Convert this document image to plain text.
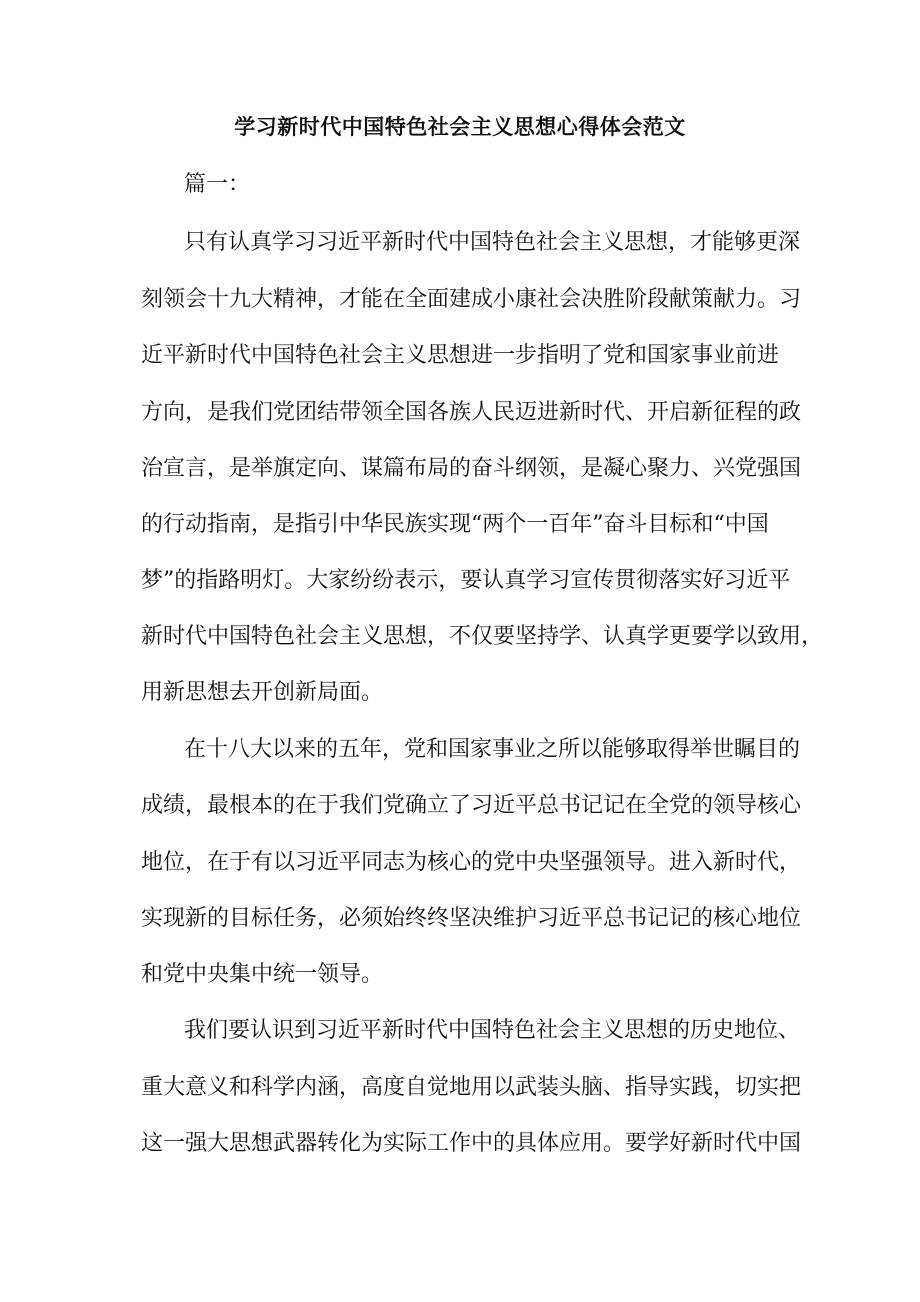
学习新时代中国特色社会主义思想心得体会范文
篇一：
只有认真学习习近平新时代中国特色社会主义思想，才能够更深
刻领会十九大精神，才能在全面建成小康社会决胜阶段献策献力。习
近平新时代中国特色社会主义思想进一步指明了党和国家事业前进
方向，是我们党团结带领全国各族人民迈进新时代、开启新征程的政
治宣言，是举旗定向、谋篇布局的奋斗纲领，是凝心聚力、兴党强国
的行动指南，是指引中华民族实现“两个一百年”奋斗目标和“中国
梦”的指路明灯。大家纷纷表示，要认真学习宣传贯彻落实好习近平
新时代中国特色社会主义思想，不仅要坚持学、认真学更要学以致用，
用新思想去开创新局面。
在十八大以来的五年，党和国家事业之所以能够取得举世瞩目的
成绩，最根本的在于我们党确立了习近平总书记记在全党的领导核心
地位，在于有以习近平同志为核心的党中央坚强领导。进入新时代，
实现新的目标任务，必须始终终坚决维护习近平总书记记的核心地位
和党中央集中统一领导。
我们要认识到习近平新时代中国特色社会主义思想的历史地位、
重大意义和科学内涵，高度自觉地用以武装头脑、指导实践，切实把
这一强大思想武器转化为实际工作中的具体应用。要学好新时代中国
